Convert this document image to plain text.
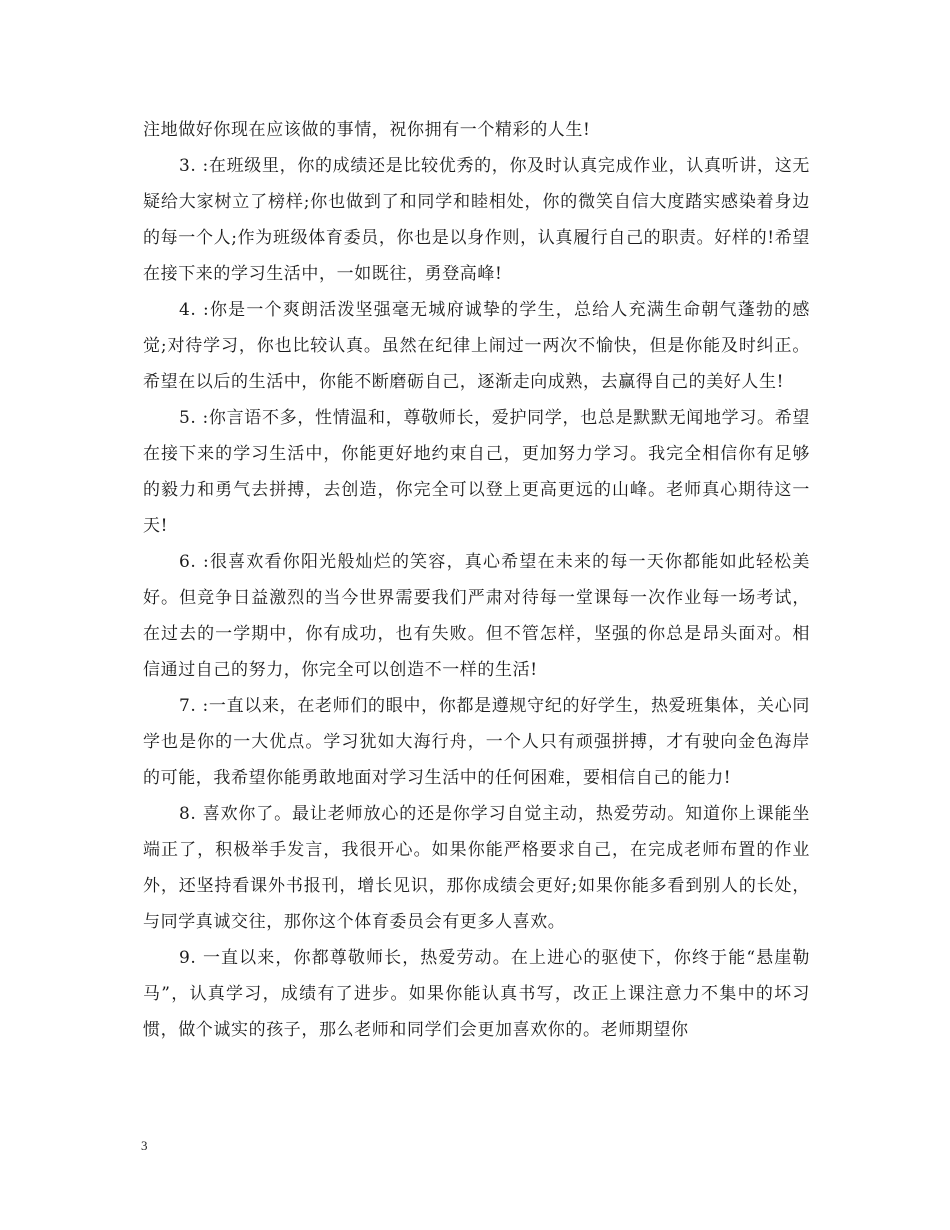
注地做好你现在应该做的事情，祝你拥有一个精彩的人生!

3. :在班级里，你的成绩还是比较优秀的，你及时认真完成作业，认真听讲，这无疑给大家树立了榜样;你也做到了和同学和睦相处，你的微笑自信大度踏实感染着身边的每一个人;作为班级体育委员，你也是以身作则，认真履行自己的职责。好样的!希望在接下来的学习生活中，一如既往，勇登高峰!

4. :你是一个爽朗活泼坚强毫无城府诚挚的学生，总给人充满生命朝气蓬勃的感觉;对待学习，你也比较认真。虽然在纪律上闹过一两次不愉快，但是你能及时纠正。希望在以后的生活中，你能不断磨砺自己，逐渐走向成熟，去赢得自己的美好人生!

5. :你言语不多，性情温和，尊敬师长，爱护同学，也总是默默无闻地学习。希望在接下来的学习生活中，你能更好地约束自己，更加努力学习。我完全相信你有足够的毅力和勇气去拼搏，去创造，你完全可以登上更高更远的山峰。老师真心期待这一天!

6. :很喜欢看你阳光般灿烂的笑容，真心希望在未来的每一天你都能如此轻松美好。但竞争日益激烈的当今世界需要我们严肃对待每一堂课每一次作业每一场考试，在过去的一学期中，你有成功，也有失败。但不管怎样，坚强的你总是昂头面对。相信通过自己的努力，你完全可以创造不一样的生活!

7. :一直以来，在老师们的眼中，你都是遵规守纪的好学生，热爱班集体，关心同学也是你的一大优点。学习犹如大海行舟，一个人只有顽强拼搏，才有驶向金色海岸的可能，我希望你能勇敢地面对学习生活中的任何困难，要相信自己的能力!

8. 喜欢你了。最让老师放心的还是你学习自觉主动，热爱劳动。知道你上课能坐端正了，积极举手发言，我很开心。如果你能严格要求自己，在完成老师布置的作业外，还坚持看课外书报刊，增长见识，那你成绩会更好;如果你能多看到别人的长处，与同学真诚交往，那你这个体育委员会有更多人喜欢。

9. 一直以来，你都尊敬师长，热爱劳动。在上进心的驱使下，你终于能“悬崖勒马”，认真学习，成绩有了进步。如果你能认真书写，改正上课注意力不集中的坏习惯，做个诚实的孩子，那么老师和同学们会更加喜欢你的。老师期望你

3
